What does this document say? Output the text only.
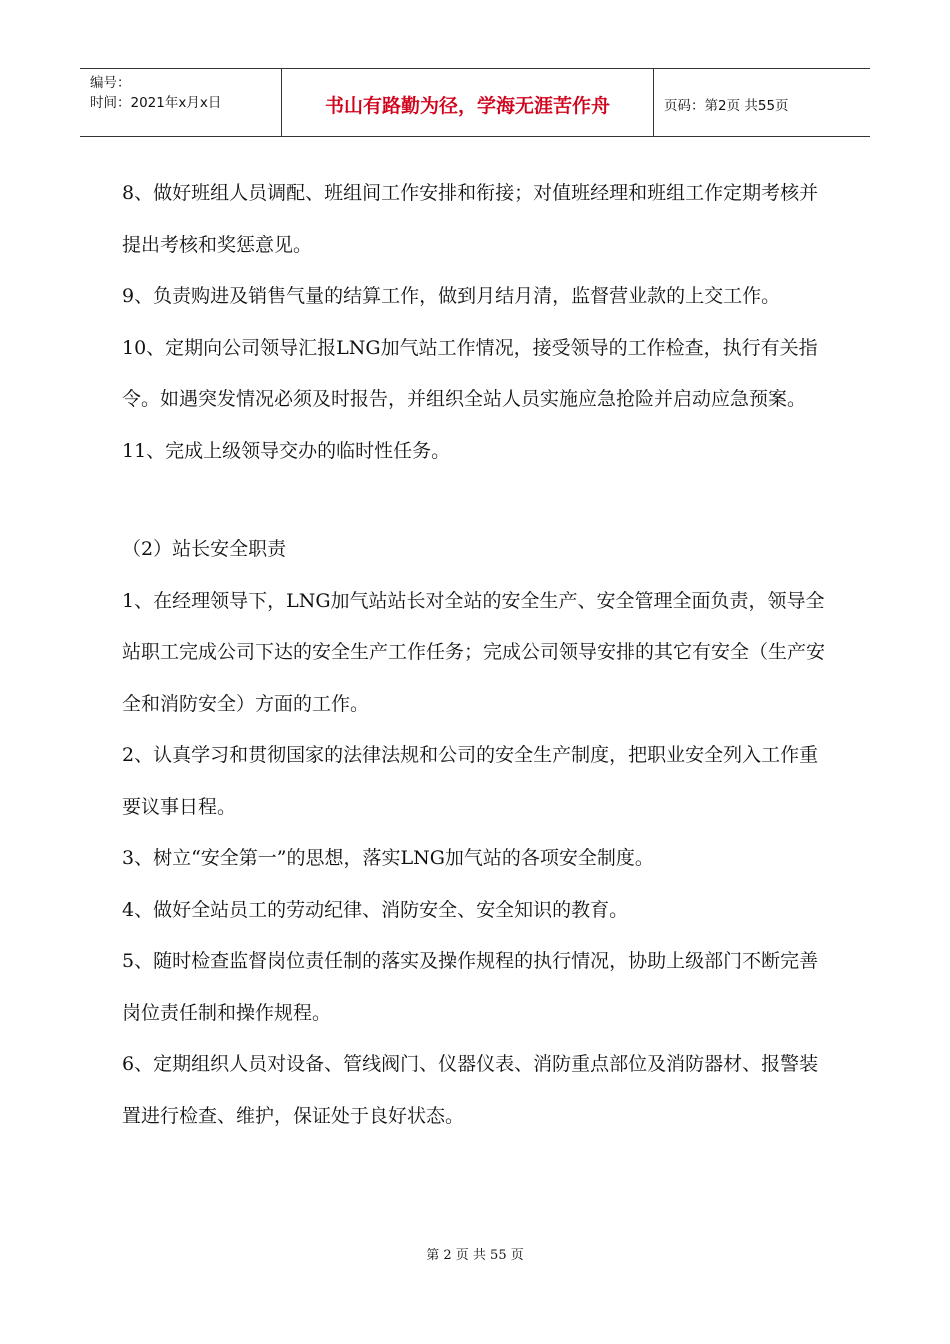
编号：
时间：2021年x月x日	书山有路勤为径，学海无涯苦作舟	页码：第2页 共55页

8、做好班组人员调配、班组间工作安排和衔接；对值班经理和班组工作定期考核并提出考核和奖惩意见。

9、负责购进及销售气量的结算工作，做到月结月清，监督营业款的上交工作。

10、定期向公司领导汇报LNG加气站工作情况，接受领导的工作检查，执行有关指令。如遇突发情况必须及时报告，并组织全站人员实施应急抢险并启动应急预案。

11、完成上级领导交办的临时性任务。

（2）站长安全职责

1、在经理领导下，LNG加气站站长对全站的安全生产、安全管理全面负责，领导全站职工完成公司下达的安全生产工作任务；完成公司领导安排的其它有安全（生产安全和消防安全）方面的工作。

2、认真学习和贯彻国家的法律法规和公司的安全生产制度，把职业安全列入工作重要议事日程。

3、树立“安全第一”的思想，落实LNG加气站的各项安全制度。

4、做好全站员工的劳动纪律、消防安全、安全知识的教育。

5、随时检查监督岗位责任制的落实及操作规程的执行情况，协助上级部门不断完善岗位责任制和操作规程。

6、定期组织人员对设备、管线阀门、仪器仪表、消防重点部位及消防器材、报警装置进行检查、维护，保证处于良好状态。

第 2 页 共 55 页
